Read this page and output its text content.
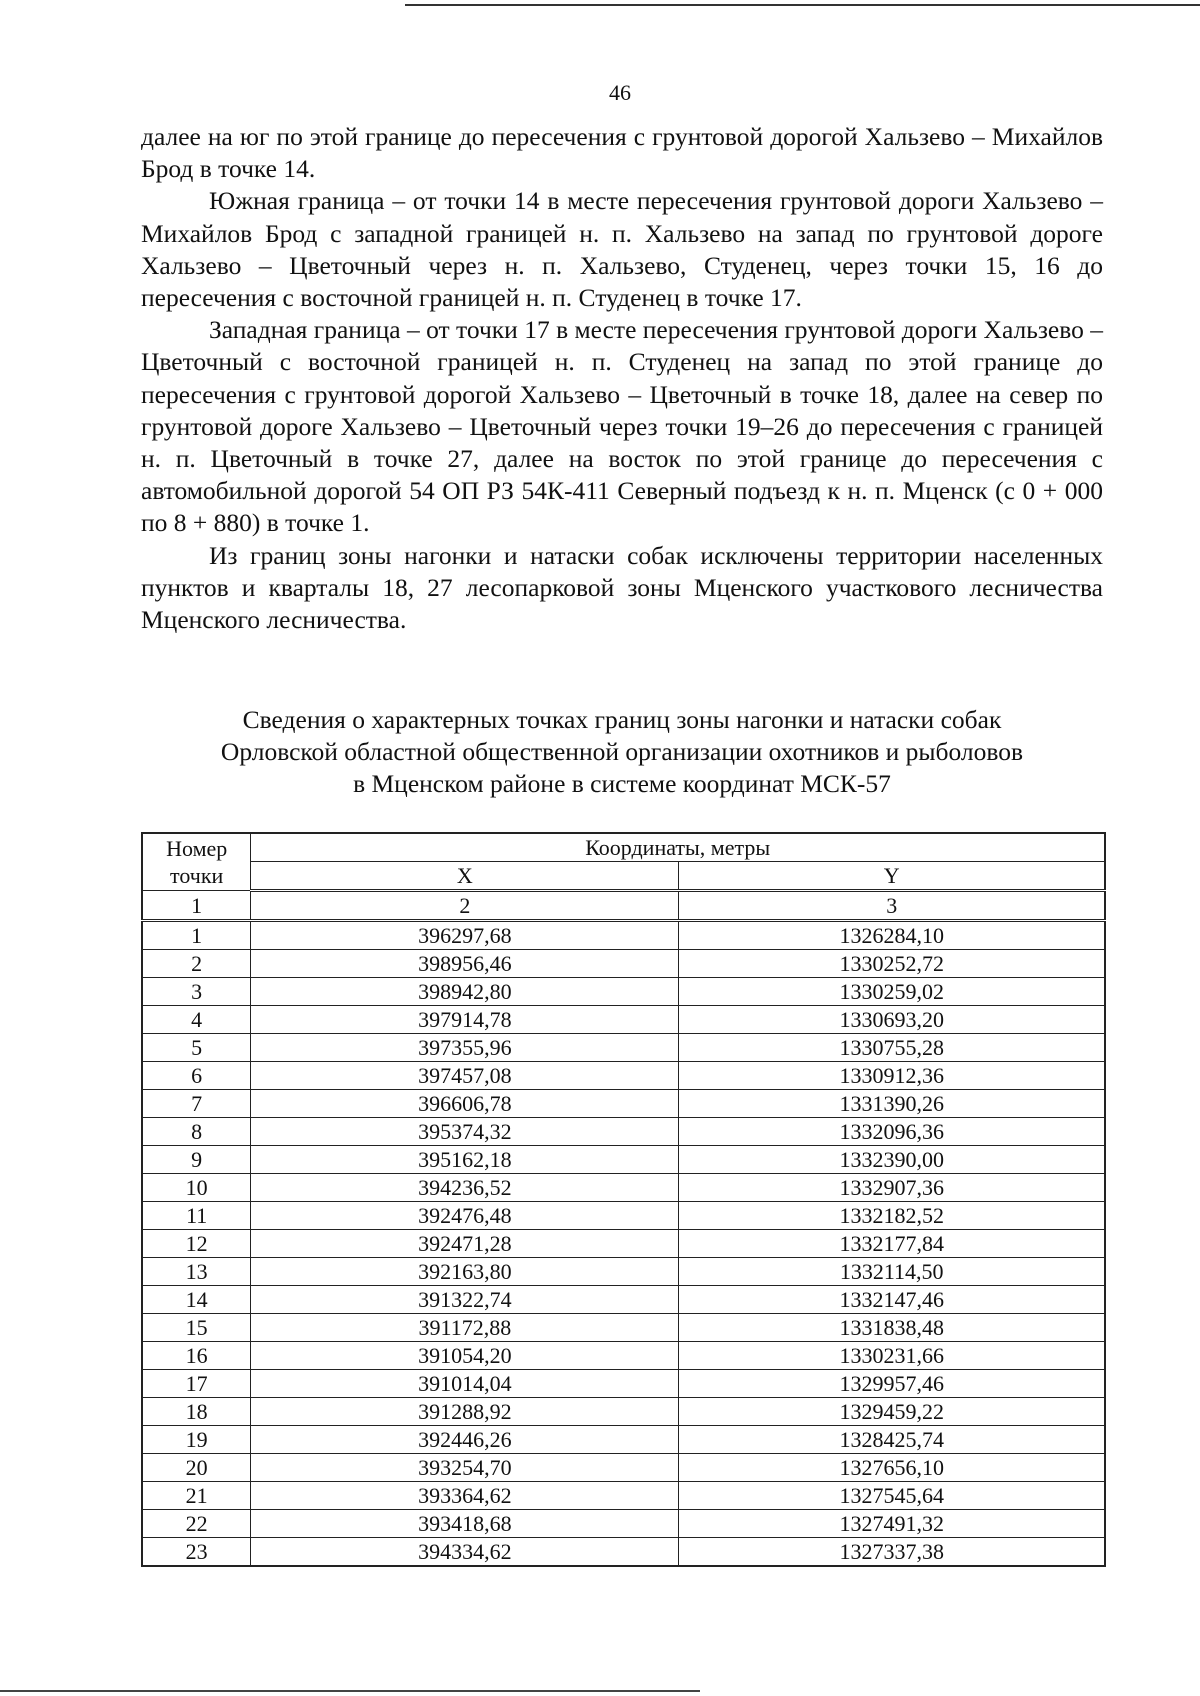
46

далее на юг по этой границе до пересечения с грунтовой дорогой Хальзево – Михайлов Брод в точке 14.

Южная граница – от точки 14 в месте пересечения грунтовой дороги Хальзево – Михайлов Брод с западной границей н. п. Хальзево на запад по грунтовой дороге Хальзево – Цветочный через н. п. Хальзево, Студенец, через точки 15, 16 до пересечения с восточной границей н. п. Студенец в точке 17.

Западная граница – от точки 17 в месте пересечения грунтовой дороги Хальзево – Цветочный с восточной границей н. п. Студенец на запад по этой границе до пересечения с грунтовой дорогой Хальзево – Цветочный в точке 18, далее на север по грунтовой дороге Хальзево – Цветочный через точки 19–26 до пересечения с границей н. п. Цветочный в точке 27, далее на восток по этой границе до пересечения с автомобильной дорогой 54 ОП РЗ 54К-411 Северный подъезд к н. п. Мценск (с 0 + 000 по 8 + 880) в точке 1.

Из границ зоны нагонки и натаски собак исключены территории населенных пунктов и кварталы 18, 27 лесопарковой зоны Мценского участкового лесничества Мценского лесничества.

Сведения о характерных точках границ зоны нагонки и натаски собак
Орловской областной общественной организации охотников и рыболовов
в Мценском районе в системе координат МСК-57
Номер
точки	Координаты, метры	
	X	Y
1	2	3
1	396297,68	1326284,10
2	398956,46	1330252,72
3	398942,80	1330259,02
4	397914,78	1330693,20
5	397355,96	1330755,28
6	397457,08	1330912,36
7	396606,78	1331390,26
8	395374,32	1332096,36
9	395162,18	1332390,00
10	394236,52	1332907,36
11	392476,48	1332182,52
12	392471,28	1332177,84
13	392163,80	1332114,50
14	391322,74	1332147,46
15	391172,88	1331838,48
16	391054,20	1330231,66
17	391014,04	1329957,46
18	391288,92	1329459,22
19	392446,26	1328425,74
20	393254,70	1327656,10
21	393364,62	1327545,64
22	393418,68	1327491,32
23	394334,62	1327337,38
